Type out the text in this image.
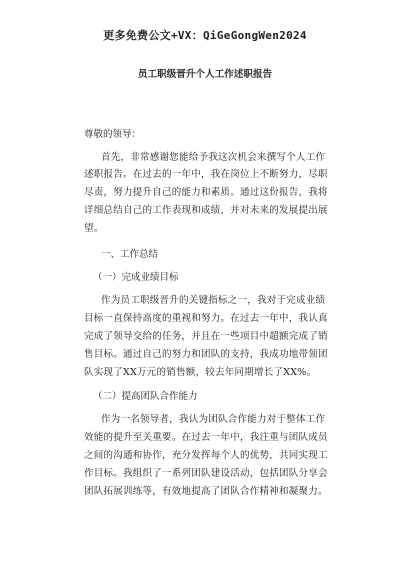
更多免费公文+VX：QiGeGongWen2024
员工职级晋升个人工作述职报告
尊敬的领导：
首先，非常感谢您能给予我这次机会来撰写个人工作
述职报告。在过去的一年中，我在岗位上不断努力，尽职
尽责，努力提升自己的能力和素质。通过这份报告，我将
详细总结自己的工作表现和成绩，并对未来的发展提出展
望。
一、工作总结
（一）完成业绩目标
作为员工职级晋升的关键指标之一，我对于完成业绩
目标一直保持高度的重视和努力。在过去一年中，我认真
完成了领导交给的任务，并且在一些项目中超额完成了销
售目标。通过自己的努力和团队的支持，我成功地带领团
队实现了XX万元的销售额，较去年同期增长了XX%。
（二）提高团队合作能力
作为一名领导者，我认为团队合作能力对于整体工作
效能的提升至关重要。在过去一年中，我注重与团队成员
之间的沟通和协作，充分发挥每个人的优势，共同实现工
作目标。我组织了一系列团队建设活动，包括团队分享会
团队拓展训练等，有效地提高了团队合作精神和凝聚力。
